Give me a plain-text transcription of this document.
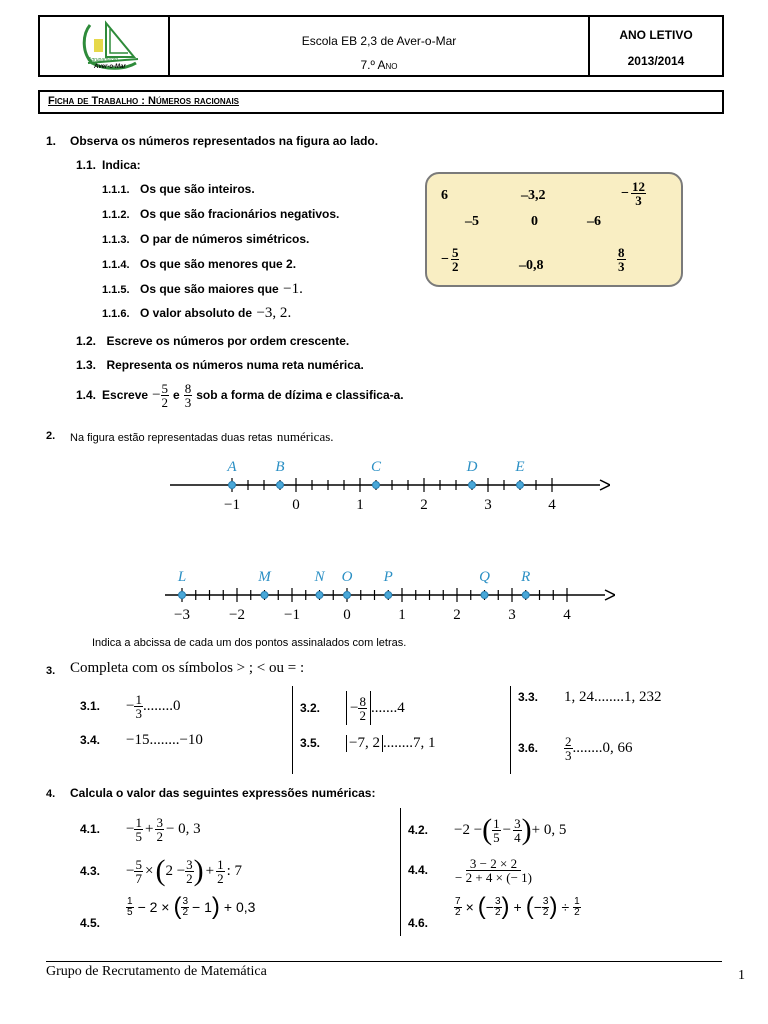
Agrupamento
Aver-o-Mar
Escola EB 2,3 de Aver-o-Mar
7.º Ano
ANO LETIVO
2013/2014
Ficha de Trabalho : Números racionais
1. Observa os números representados na figura ao lado.
1.1. Indica:
1.1.1. Os que são inteiros.
1.1.2. Os que são fracionários negativos.
1.1.3. O par de números simétricos.
1.1.4. Os que são menores que 2.
1.1.5. Os que são maiores que −1.
1.1.6. O valor absoluto de −3, 2.
1.2. Escreve os números por ordem crescente.
1.3. Representa os números numa reta numérica.
1.4. Escreve − $\frac{5}{2}$ e $\frac{8}{3}$ sob a forma de dízima e classifica-a.
6	–3,2	− $\frac{12}{3}$
–5	0	–6
− $\frac{5}{2}$	–0,8	$\frac{8}{3}$
2. Na figura estão representadas duas retas numéricas.
A	B	C	D	E
−1	0	1	2	3	4
L	M	N O P	Q R
−3	−2	−1	0	1	2	3	4
Indica a abcissa de cada um dos pontos assinalados com letras.
3. Completa com os símbolos > ; < ou = :
3.1.	− $\frac{1}{3} ........0$
3.4.	−15........−10
3.2.	− $\frac{8}{2} .......4$
3.5.	−7, 2 ........7, 1
3.3.	1, 24........1, 232
3.6.	$\frac{2}{3} ........0$, 66
4. Calcula o valor das seguintes expressões numéricas:
4.1.	− $\frac{1}{5} + \frac{3}{2} - 0$, 3	4.2.	−2 − ( $\frac{1}{5} - \frac{3}{4}$ ) + 0, 5
4.3.	− $\frac{5}{7}$ × ( $2 - \frac{3}{2}$ ) + $\frac{1}{2}$ : 7	4.4.	$\frac{3 - 2 \times 2}{- 2 + 4 \times (- 1)}$
4.5.
$\frac{1}{5} - 2$ × ( $\frac{3}{2} - 1$ ) + 0,3
4.6.
$\frac{7}{2}$ × ( − $\frac{3}{2}$ ) + ( − $\frac{3}{2}$ ) ÷ $\frac{1}{2}$
Grupo de Recrutamento de Matemática	1
